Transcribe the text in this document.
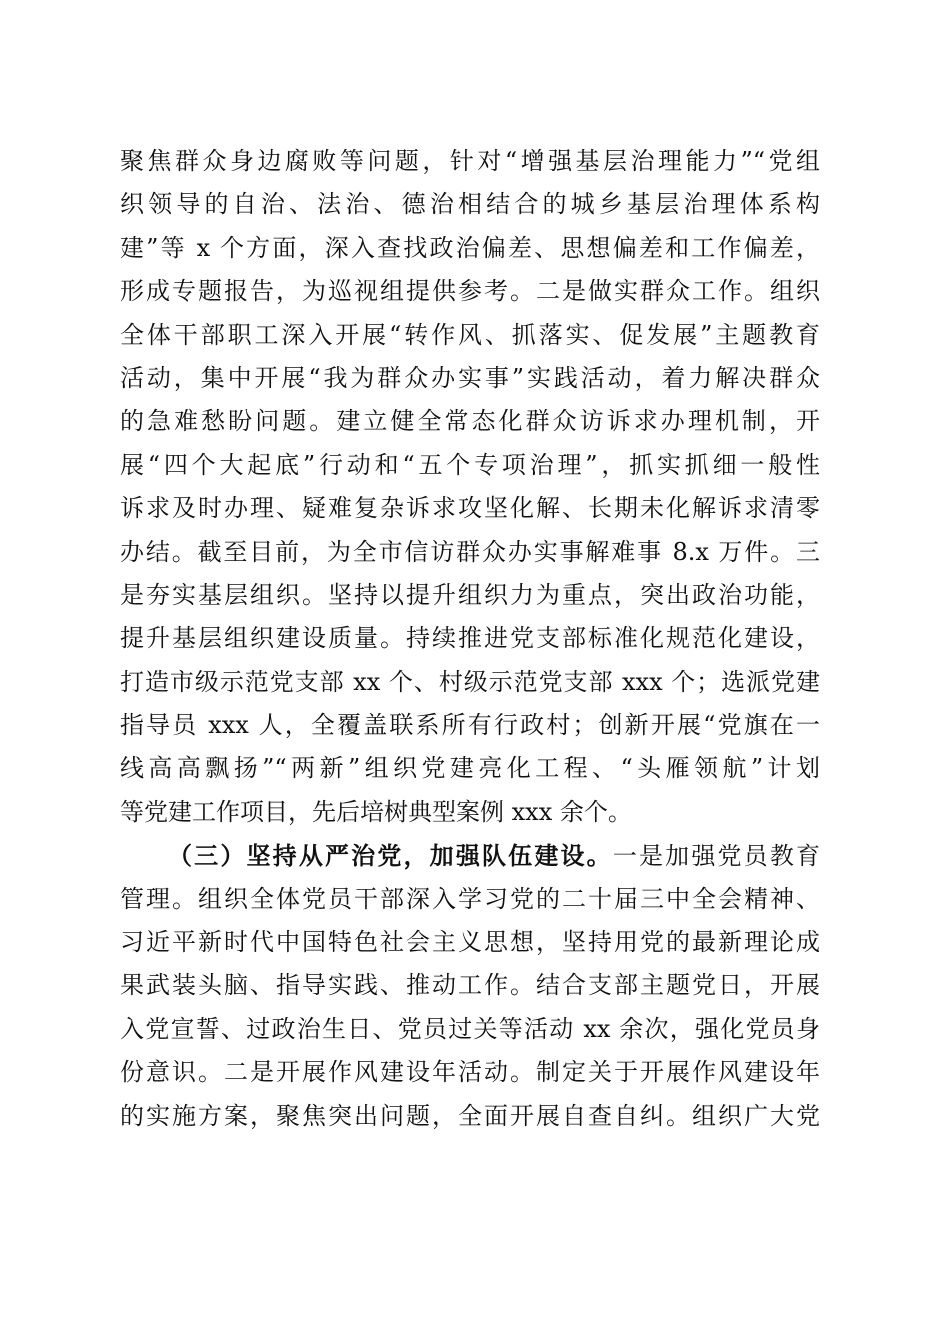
聚焦群众身边腐败等问题，针对“增强基层治理能力”“党组
织领导的自治、法治、德治相结合的城乡基层治理体系构
建”等 x 个方面，深入查找政治偏差、思想偏差和工作偏差，
形成专题报告，为巡视组提供参考。二是做实群众工作。组织
全体干部职工深入开展“转作风、抓落实、促发展”主题教育
活动，集中开展“我为群众办实事”实践活动，着力解决群众
的急难愁盼问题。建立健全常态化群众访诉求办理机制，开
展“四个大起底”行动和“五个专项治理”，抓实抓细一般性
诉求及时办理、疑难复杂诉求攻坚化解、长期未化解诉求清零
办结。截至目前，为全市信访群众办实事解难事 8.x 万件。三
是夯实基层组织。坚持以提升组织力为重点，突出政治功能，
提升基层组织建设质量。持续推进党支部标准化规范化建设，
打造市级示范党支部 xx 个、村级示范党支部 xxx 个；选派党建
指导员 xxx 人，全覆盖联系所有行政村；创新开展“党旗在一
线高高飘扬”“两新”组织党建亮化工程、“头雁领航”计划
等党建工作项目，先后培树典型案例 xxx 余个。
（三）坚持从严治党，加强队伍建设。一是加强党员教育
管理。组织全体党员干部深入学习党的二十届三中全会精神、
习近平新时代中国特色社会主义思想，坚持用党的最新理论成
果武装头脑、指导实践、推动工作。结合支部主题党日，开展
入党宣誓、过政治生日、党员过关等活动 xx 余次，强化党员身
份意识。二是开展作风建设年活动。制定关于开展作风建设年
的实施方案，聚焦突出问题，全面开展自查自纠。组织广大党
